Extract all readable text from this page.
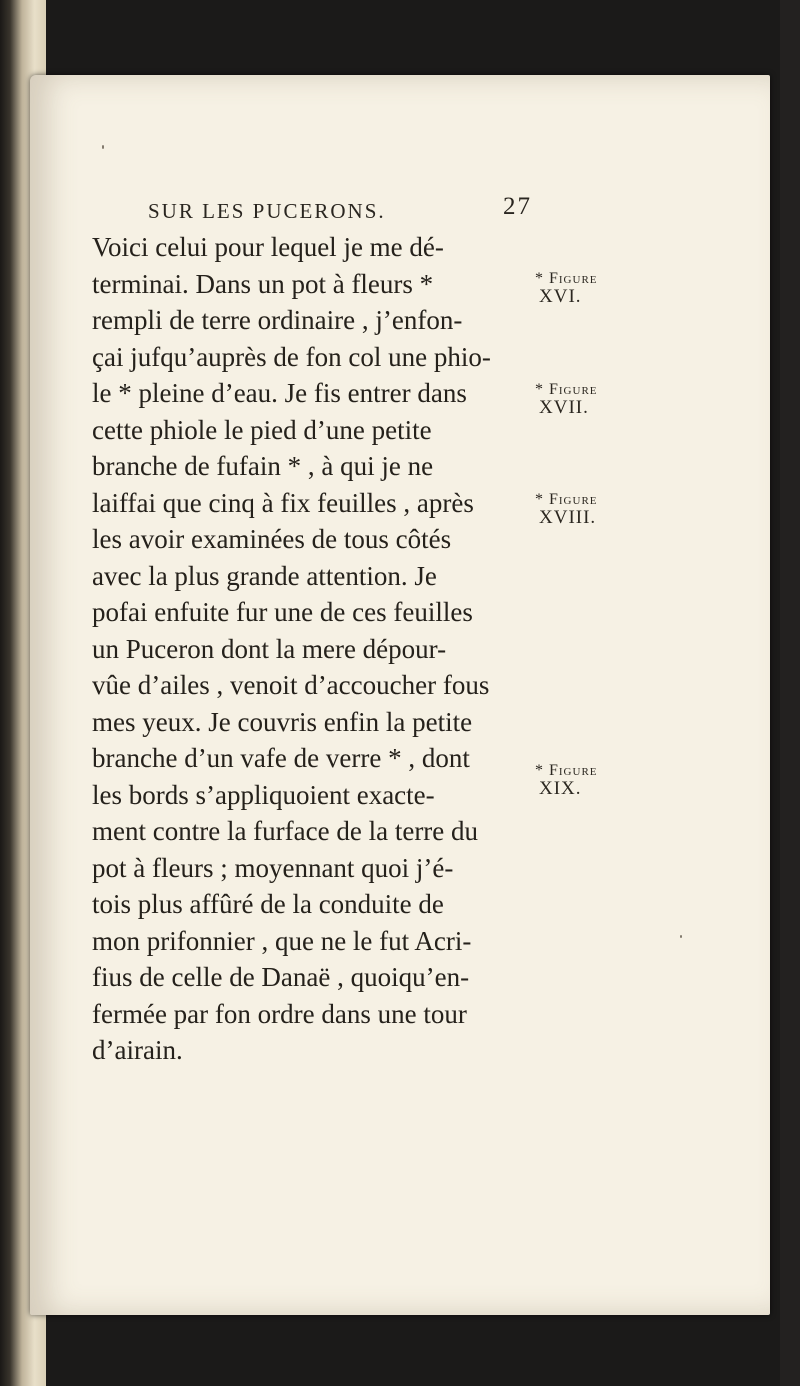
SUR LES PUCERONS.	27
Voici celui pour lequel je me dé-
terminai. Dans un pot à fleurs *
rempli de terre ordinaire , j’enfon-
çai jufqu’auprès de fon col une phio-
le * pleine d’eau. Je fis entrer dans
cette phiole le pied d’une petite
branche de fufain * , à qui je ne
laiffai que cinq à fix feuilles , après
les avoir examinées de tous côtés
avec la plus grande attention. Je
pofai enfuite fur une de ces feuilles
un Puceron dont la mere dépour-
vûe d’ailes , venoit d’accoucher fous
mes yeux. Je couvris enfin la petite
branche d’un vafe de verre * , dont
les bords s’appliquoient exacte-
ment contre la furface de la terre du
pot à fleurs ; moyennant quoi j’é-
tois plus affûré de la conduite de
mon prifonnier , que ne le fut Acri-
fius de celle de Danaë , quoiqu’en-
fermée par fon ordre dans une tour
d’airain.
* Figure
XVI.
* Figure
XVII.
* Figure
XVIII.
* Figure
XIX.
